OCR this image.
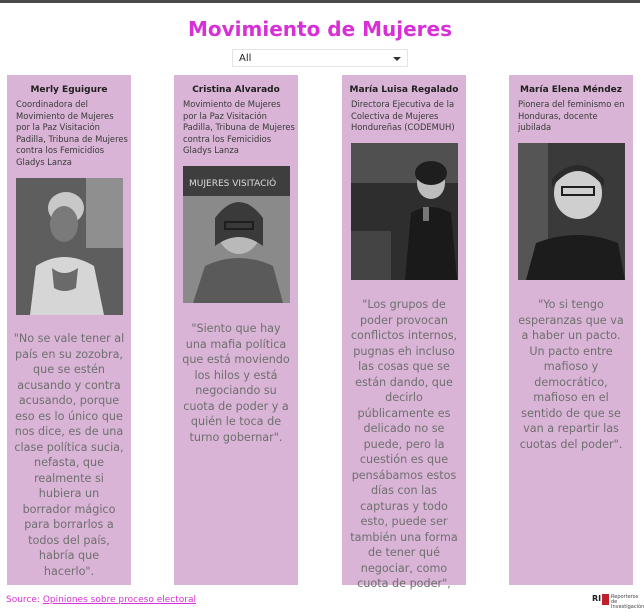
Movimiento de Mujeres
All
Merly Eguigure
Coordinadora del Movimiento de Mujeres por la Paz Visitación Padilla, Tribuna de Mujeres contra los Femicidios Gladys Lanza
"No se vale tener al país en su zozobra, que se estén acusando y contra acusando, porque eso es lo único que nos dice, es de una clase política sucia, nefasta, que realmente si hubiera un borrador mágico para borrarlos a todos del país, habría que hacerlo".
Cristina Alvarado
Movimiento de Mujeres por la Paz Visitación Padilla, Tribuna de Mujeres contra los Femicidios Gladys Lanza
MUJERES VISITACIÓ
"Siento que hay una mafia política que está moviendo los hilos y está negociando su cuota de poder y a quién le toca de turno gobernar".
María Luisa Regalado
Directora Ejecutiva de la Colectiva de Mujeres Hondureñas (CODEMUH)
"Los grupos de poder provocan conflictos internos, pugnas eh incluso las cosas que se están dando, que decirlo públicamente es delicado no se puede, pero la cuestión es que pensábamos estos días con las capturas y todo esto, puede ser también una forma de tener qué negociar, como cuota de poder",
María Elena Méndez
Pionera del feminismo en Honduras, docente jubilada
"Yo si tengo esperanzas que va a haber un pacto. Un pacto entre mafioso y democrático, mafioso en el sentido de que se van a repartir las cuotas del poder".
Source: Opiniones sobre proceso electoral	RI Reporteros de Investigación
